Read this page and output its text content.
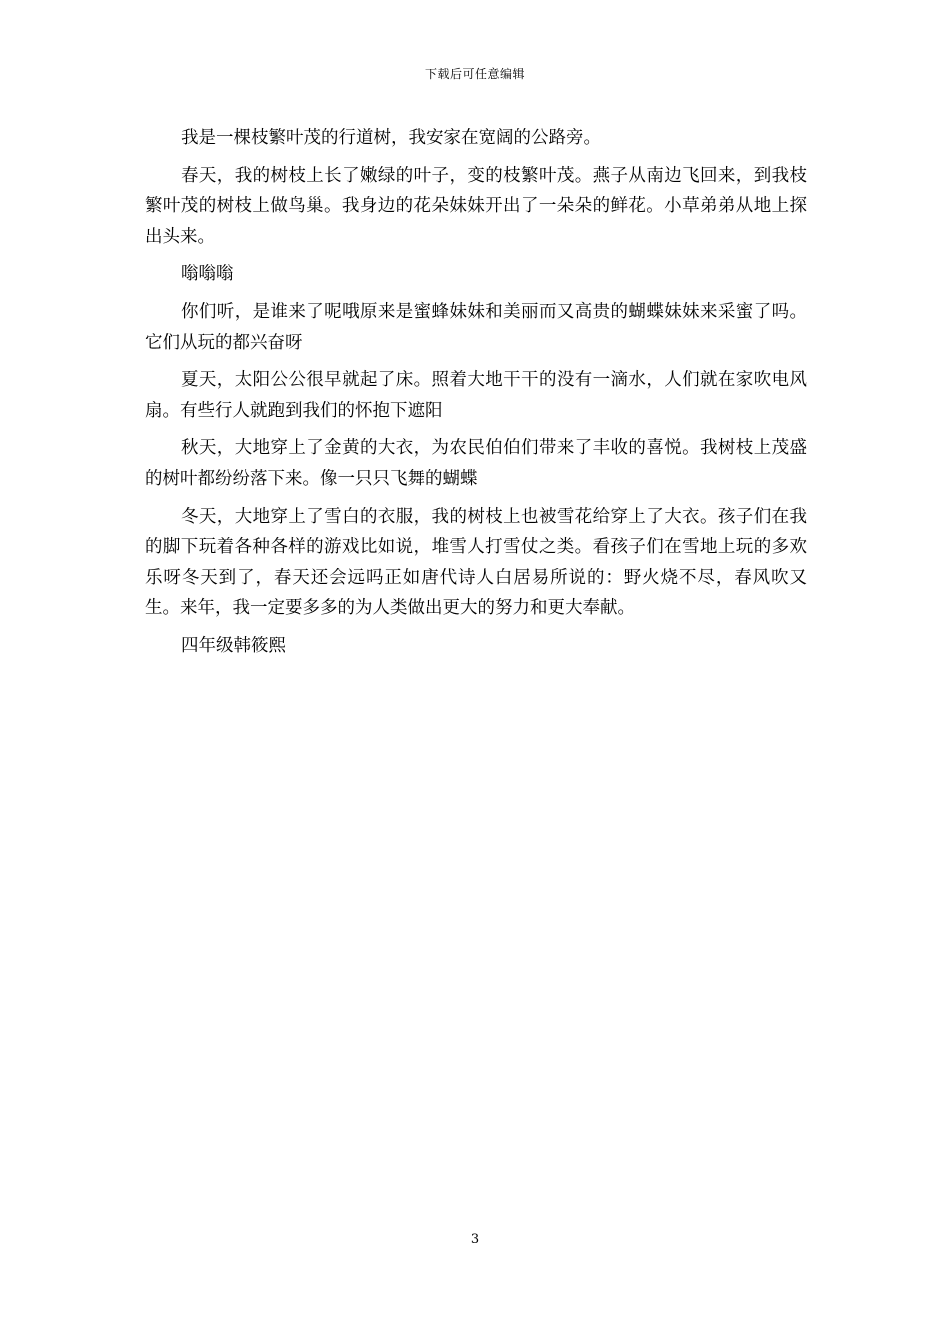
下载后可任意编辑

我是一棵枝繁叶茂的行道树，我安家在宽阔的公路旁。

春天，我的树枝上长了嫩绿的叶子，变的枝繁叶茂。燕子从南边飞回来，到我枝繁叶茂的树枝上做鸟巢。我身边的花朵妹妹开出了一朵朵的鲜花。小草弟弟从地上探出头来。

嗡嗡嗡

你们听，是谁来了呢哦原来是蜜蜂妹妹和美丽而又高贵的蝴蝶妹妹来采蜜了吗。它们从玩的都兴奋呀

夏天，太阳公公很早就起了床。照着大地干干的没有一滴水，人们就在家吹电风扇。有些行人就跑到我们的怀抱下遮阳

秋天，大地穿上了金黄的大衣，为农民伯伯们带来了丰收的喜悦。我树枝上茂盛的树叶都纷纷落下来。像一只只飞舞的蝴蝶

冬天，大地穿上了雪白的衣服，我的树枝上也被雪花给穿上了大衣。孩子们在我的脚下玩着各种各样的游戏比如说，堆雪人打雪仗之类。看孩子们在雪地上玩的多欢乐呀冬天到了，春天还会远吗正如唐代诗人白居易所说的：野火烧不尽，春风吹又生。来年，我一定要多多的为人类做出更大的努力和更大奉献。

四年级韩筱熙

3
